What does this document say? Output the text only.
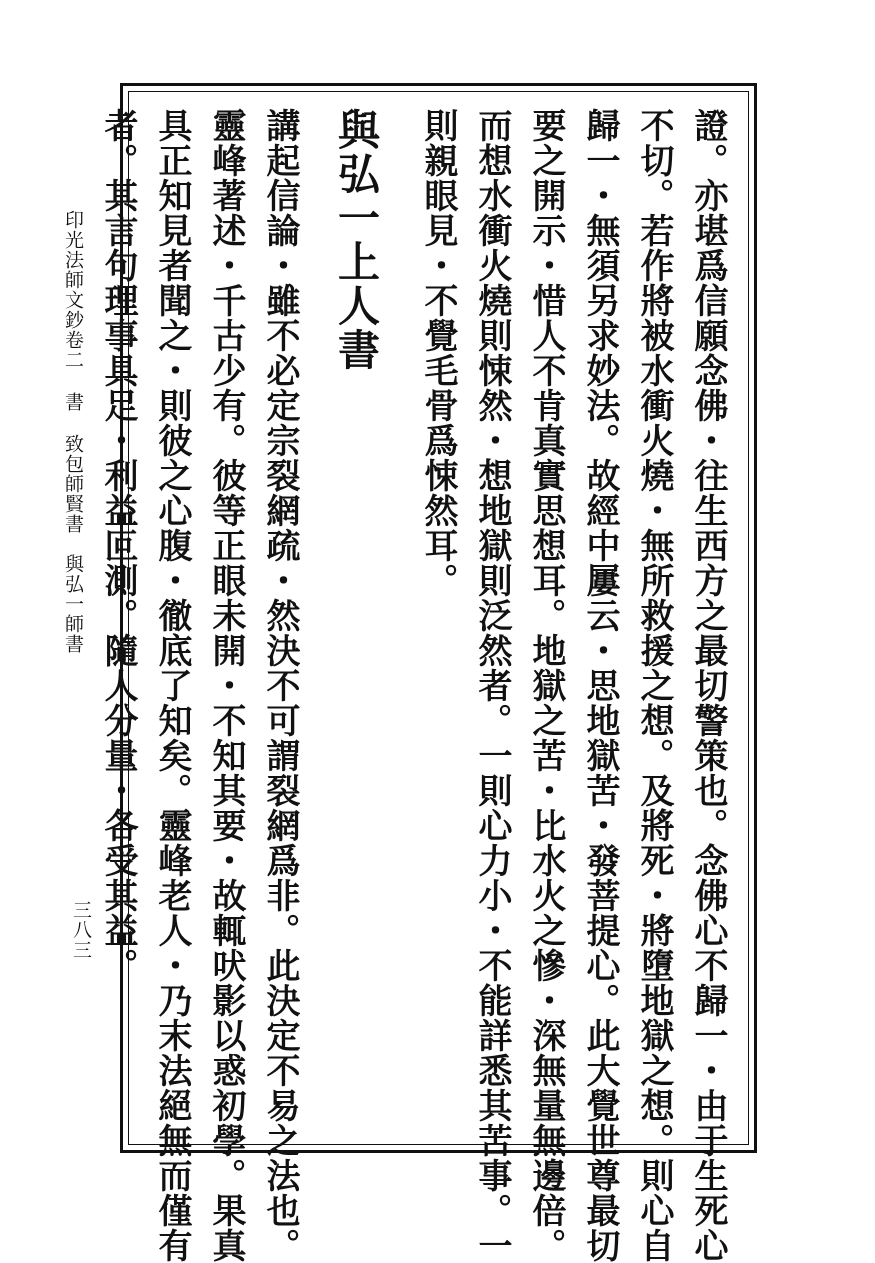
證。亦堪爲信願念佛・往生西方之最切警策也。念佛心不歸一・由于生死心

不切。若作將被水衝火燒・無所救援之想。及將死・將墮地獄之想。則心自

歸一・無須另求妙法。故經中屢云・思地獄苦・發菩提心。此大覺世尊最切

要之開示・惜人不肯真實思想耳。地獄之苦・比水火之慘・深無量無邊倍。

而想水衝火燒則悚然・想地獄則泛然者。一則心力小・不能詳悉其苦事。一

則親眼見・不覺毛骨爲悚然耳。

與弘一上人書

講起信論・雖不必定宗裂網疏・然決不可謂裂網爲非。此決定不易之法也。

靈峰著述・千古少有。彼等正眼未開・不知其要・故輒吠影以惑初學。果真

具正知見者聞之・則彼之心腹・徹底了知矣。靈峰老人・乃末法絕無而僅有

者。其言句理事具足・利益叵測。隨人分量・各受其益。

印光法師文鈔卷二書致包師賢書　與弘一師書
三八三
